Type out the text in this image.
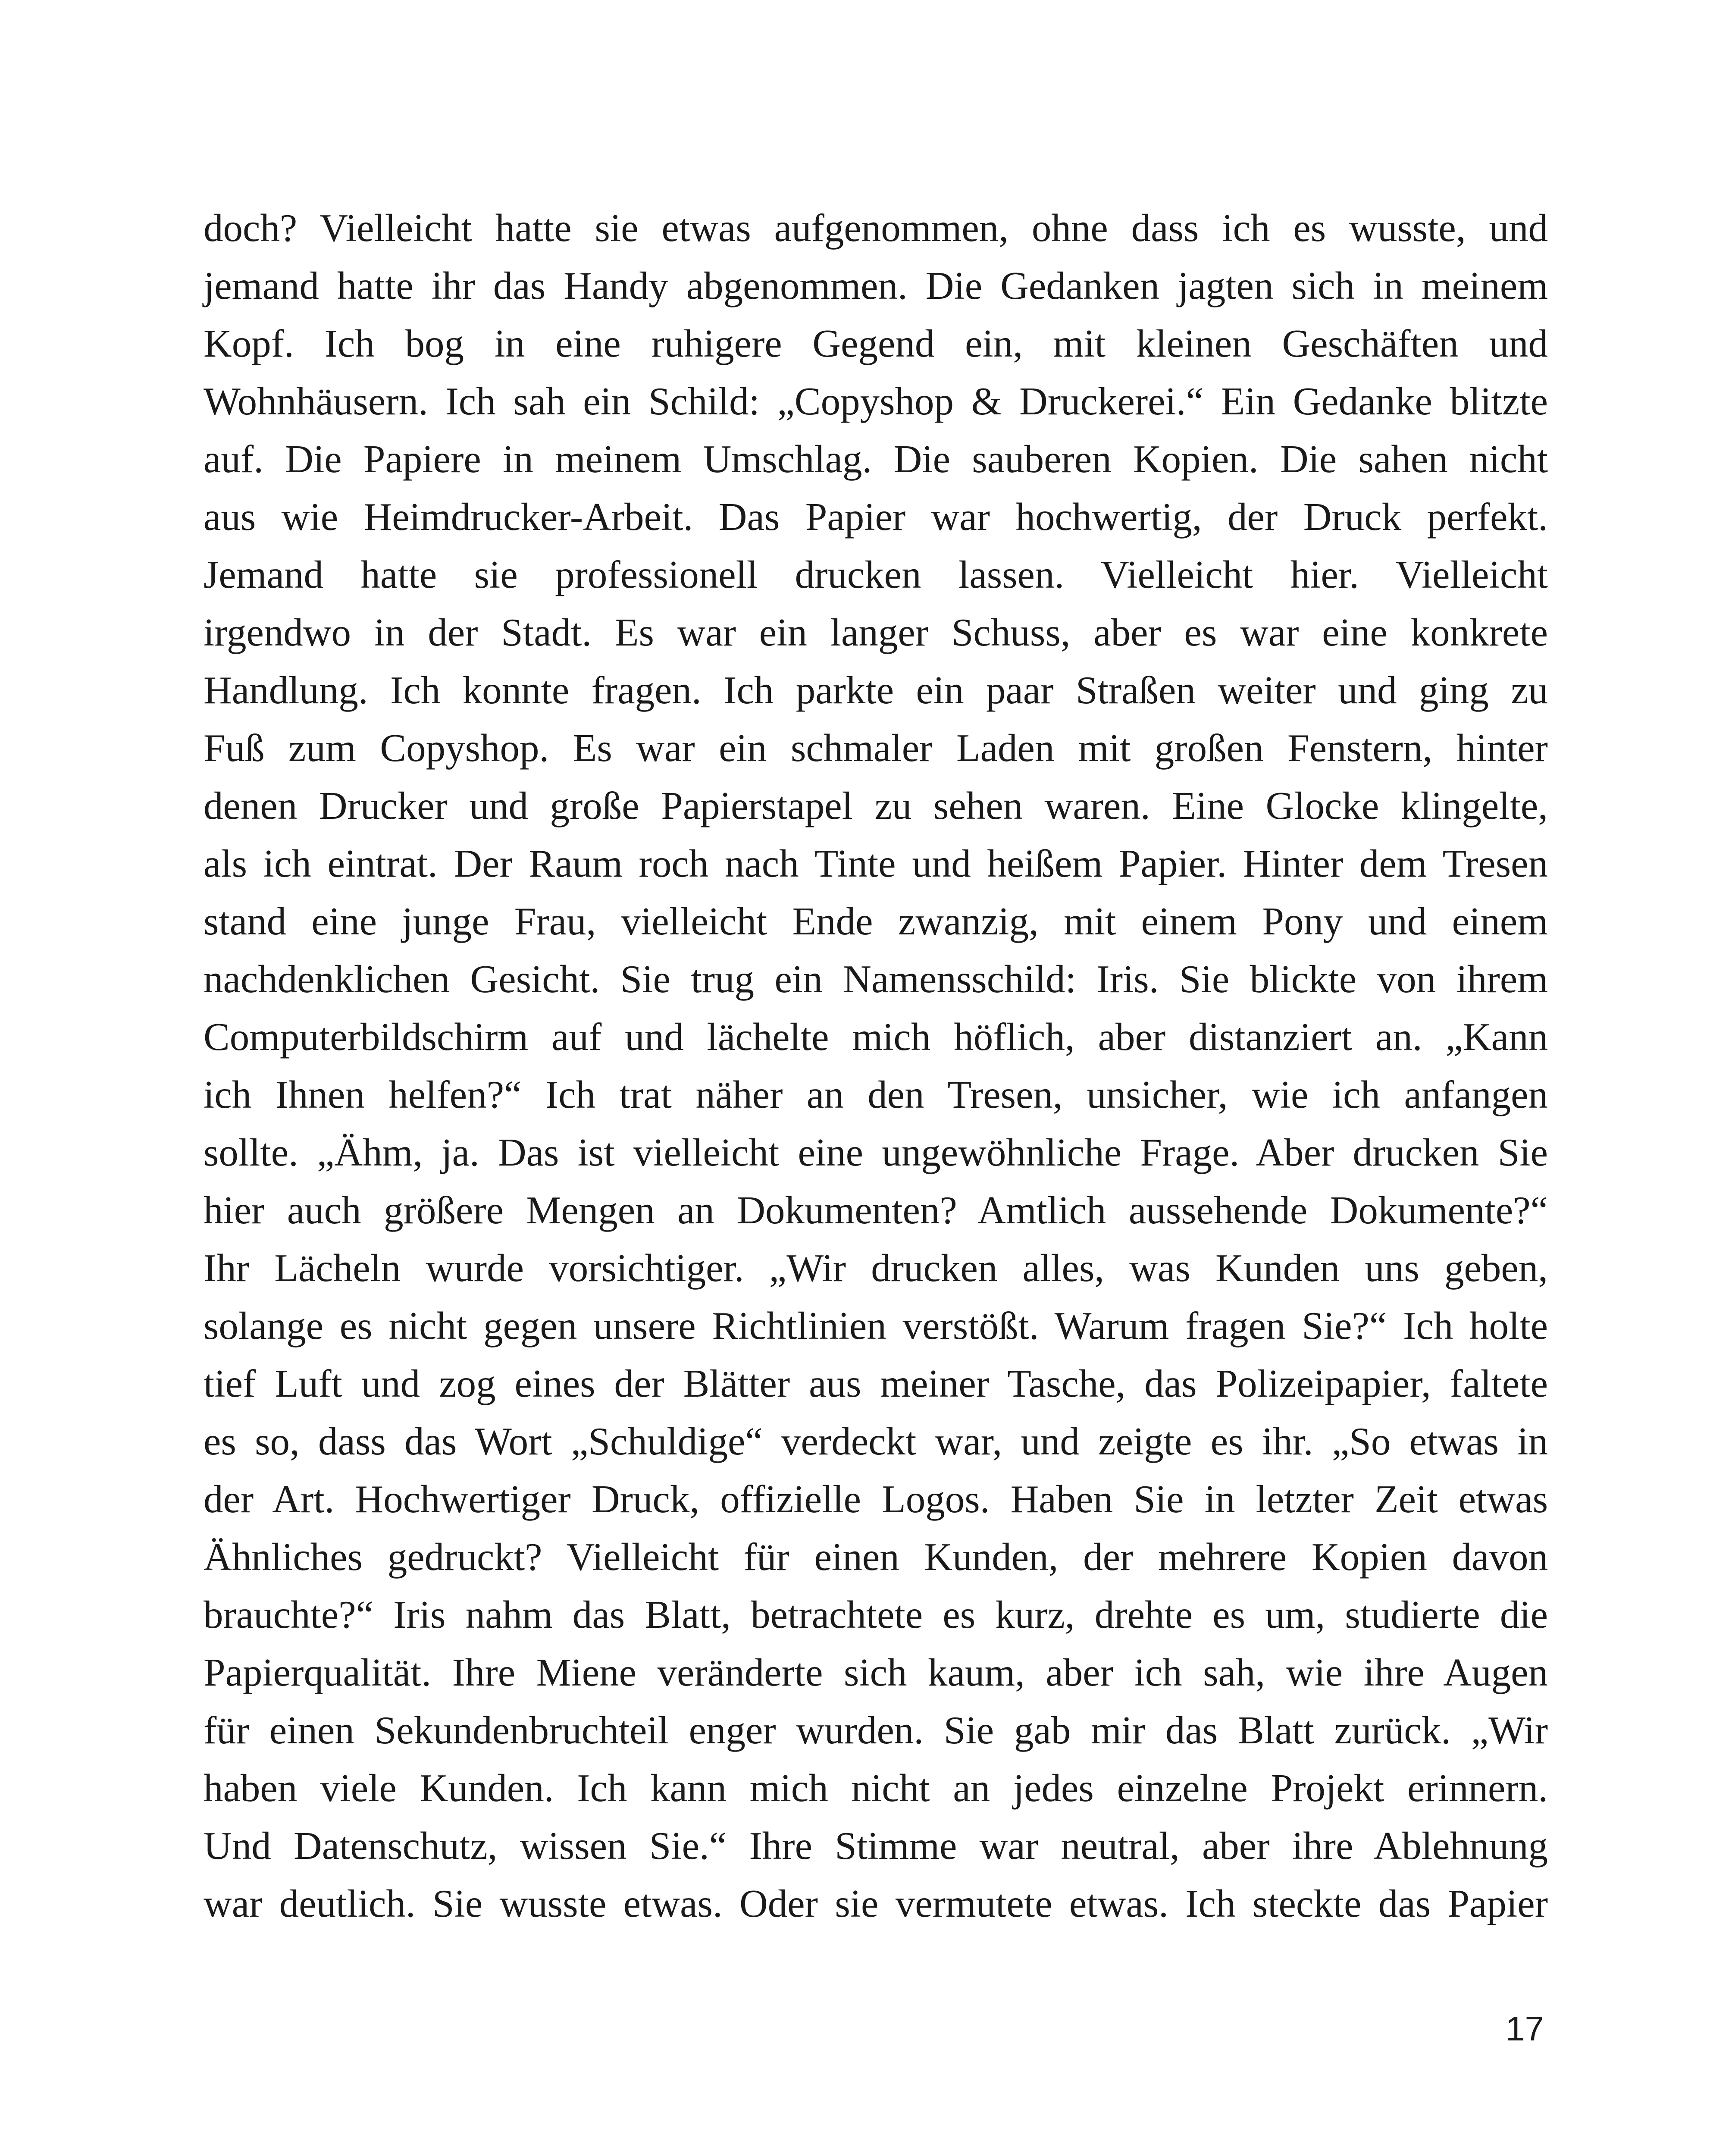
doch? Vielleicht hatte sie etwas aufgenommen, ohne dass ich es wusste, und
jemand hatte ihr das Handy abgenommen. Die Gedanken jagten sich in meinem
Kopf. Ich bog in eine ruhigere Gegend ein, mit kleinen Geschäften und
Wohnhäusern. Ich sah ein Schild: „Copyshop & Druckerei.“ Ein Gedanke blitzte
auf. Die Papiere in meinem Umschlag. Die sauberen Kopien. Die sahen nicht
aus wie Heimdrucker-Arbeit. Das Papier war hochwertig, der Druck perfekt.
Jemand hatte sie professionell drucken lassen. Vielleicht hier. Vielleicht
irgendwo in der Stadt. Es war ein langer Schuss, aber es war eine konkrete
Handlung. Ich konnte fragen. Ich parkte ein paar Straßen weiter und ging zu
Fuß zum Copyshop. Es war ein schmaler Laden mit großen Fenstern, hinter
denen Drucker und große Papierstapel zu sehen waren. Eine Glocke klingelte,
als ich eintrat. Der Raum roch nach Tinte und heißem Papier. Hinter dem Tresen
stand eine junge Frau, vielleicht Ende zwanzig, mit einem Pony und einem
nachdenklichen Gesicht. Sie trug ein Namensschild: Iris. Sie blickte von ihrem
Computerbildschirm auf und lächelte mich höflich, aber distanziert an. „Kann
ich Ihnen helfen?“ Ich trat näher an den Tresen, unsicher, wie ich anfangen
sollte. „Ähm, ja. Das ist vielleicht eine ungewöhnliche Frage. Aber drucken Sie
hier auch größere Mengen an Dokumenten? Amtlich aussehende Dokumente?“
Ihr Lächeln wurde vorsichtiger. „Wir drucken alles, was Kunden uns geben,
solange es nicht gegen unsere Richtlinien verstößt. Warum fragen Sie?“ Ich holte
tief Luft und zog eines der Blätter aus meiner Tasche, das Polizeipapier, faltete
es so, dass das Wort „Schuldige“ verdeckt war, und zeigte es ihr. „So etwas in
der Art. Hochwertiger Druck, offizielle Logos. Haben Sie in letzter Zeit etwas
Ähnliches gedruckt? Vielleicht für einen Kunden, der mehrere Kopien davon
brauchte?“ Iris nahm das Blatt, betrachtete es kurz, drehte es um, studierte die
Papierqualität. Ihre Miene veränderte sich kaum, aber ich sah, wie ihre Augen
für einen Sekundenbruchteil enger wurden. Sie gab mir das Blatt zurück. „Wir
haben viele Kunden. Ich kann mich nicht an jedes einzelne Projekt erinnern.
Und Datenschutz, wissen Sie.“ Ihre Stimme war neutral, aber ihre Ablehnung
war deutlich. Sie wusste etwas. Oder sie vermutete etwas. Ich steckte das Papier
17
